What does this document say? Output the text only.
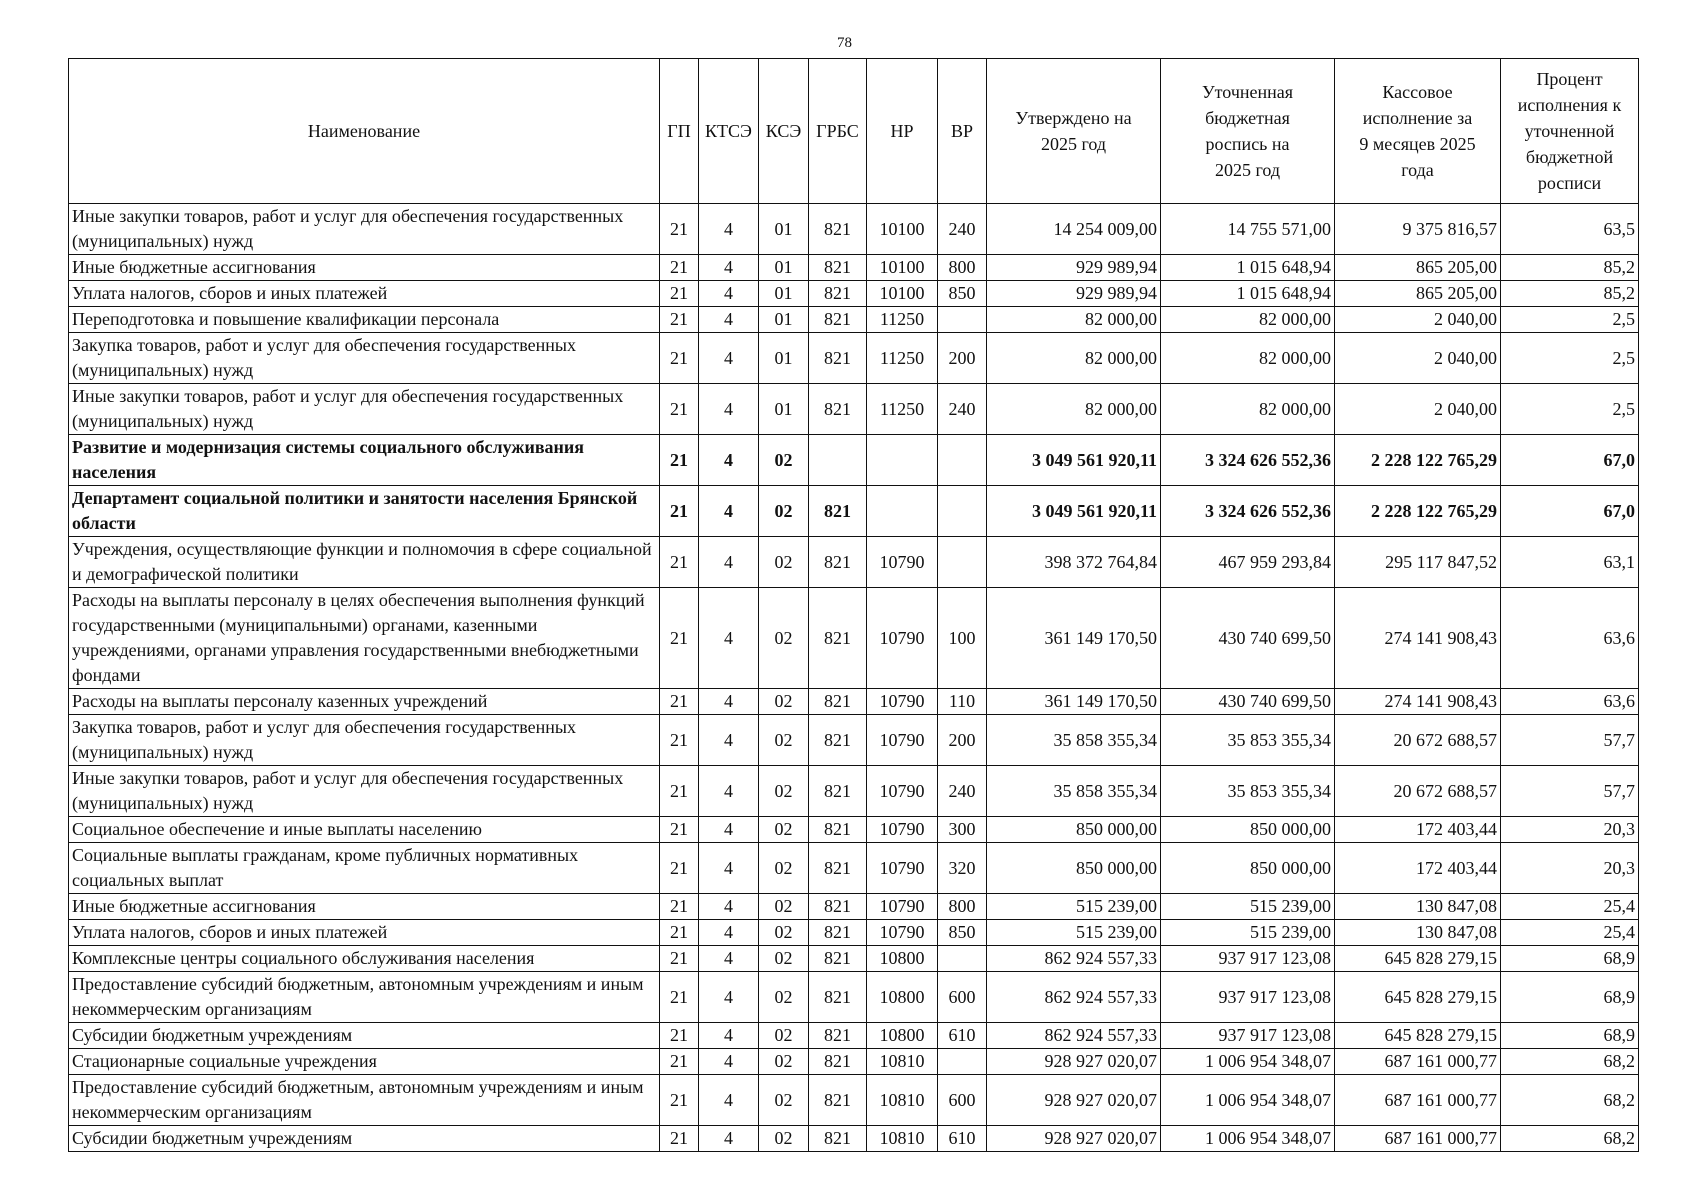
78
Наименование	ГП	КТСЭ	КСЭ	ГРБС	НР	ВР	Утверждено на 2025 год	Уточненная бюджетная роспись на 2025 год	Кассовое исполнение за 9 месяцев 2025 года	Процент исполнения к уточненной бюджетной росписи
Иные закупки товаров, работ и услуг для обеспечения государственных (муниципальных) нужд	21	4	01	821	10100	240	14 254 009,00	14 755 571,00	9 375 816,57	63,5
Иные бюджетные ассигнования	21	4	01	821	10100	800	929 989,94	1 015 648,94	865 205,00	85,2
Уплата налогов, сборов и иных платежей	21	4	01	821	10100	850	929 989,94	1 015 648,94	865 205,00	85,2
Переподготовка и повышение квалификации персонала	21	4	01	821	11250		82 000,00	82 000,00	2 040,00	2,5
Закупка товаров, работ и услуг для обеспечения государственных (муниципальных) нужд	21	4	01	821	11250	200	82 000,00	82 000,00	2 040,00	2,5
Иные закупки товаров, работ и услуг для обеспечения государственных (муниципальных) нужд	21	4	01	821	11250	240	82 000,00	82 000,00	2 040,00	2,5
Развитие и модернизация системы социального обслуживания населения	21	4	02				3 049 561 920,11	3 324 626 552,36	2 228 122 765,29	67,0
Департамент социальной политики и занятости населения Брянской области	21	4	02	821			3 049 561 920,11	3 324 626 552,36	2 228 122 765,29	67,0
Учреждения, осуществляющие функции и полномочия в сфере социальной и демографической политики	21	4	02	821	10790		398 372 764,84	467 959 293,84	295 117 847,52	63,1
Расходы на выплаты персоналу в целях обеспечения выполнения функций государственными (муниципальными) органами, казенными учреждениями, органами управления государственными внебюджетными фондами	21	4	02	821	10790	100	361 149 170,50	430 740 699,50	274 141 908,43	63,6
Расходы на выплаты персоналу казенных учреждений	21	4	02	821	10790	110	361 149 170,50	430 740 699,50	274 141 908,43	63,6
Закупка товаров, работ и услуг для обеспечения государственных (муниципальных) нужд	21	4	02	821	10790	200	35 858 355,34	35 853 355,34	20 672 688,57	57,7
Иные закупки товаров, работ и услуг для обеспечения государственных (муниципальных) нужд	21	4	02	821	10790	240	35 858 355,34	35 853 355,34	20 672 688,57	57,7
Социальное обеспечение и иные выплаты населению	21	4	02	821	10790	300	850 000,00	850 000,00	172 403,44	20,3
Социальные выплаты гражданам, кроме публичных нормативных социальных выплат	21	4	02	821	10790	320	850 000,00	850 000,00	172 403,44	20,3
Иные бюджетные ассигнования	21	4	02	821	10790	800	515 239,00	515 239,00	130 847,08	25,4
Уплата налогов, сборов и иных платежей	21	4	02	821	10790	850	515 239,00	515 239,00	130 847,08	25,4
Комплексные центры социального обслуживания населения	21	4	02	821	10800		862 924 557,33	937 917 123,08	645 828 279,15	68,9
Предоставление субсидий бюджетным, автономным учреждениям и иным некоммерческим организациям	21	4	02	821	10800	600	862 924 557,33	937 917 123,08	645 828 279,15	68,9
Субсидии бюджетным учреждениям	21	4	02	821	10800	610	862 924 557,33	937 917 123,08	645 828 279,15	68,9
Стационарные социальные учреждения	21	4	02	821	10810		928 927 020,07	1 006 954 348,07	687 161 000,77	68,2
Предоставление субсидий бюджетным, автономным учреждениям и иным некоммерческим организациям	21	4	02	821	10810	600	928 927 020,07	1 006 954 348,07	687 161 000,77	68,2
Субсидии бюджетным учреждениям	21	4	02	821	10810	610	928 927 020,07	1 006 954 348,07	687 161 000,77	68,2
